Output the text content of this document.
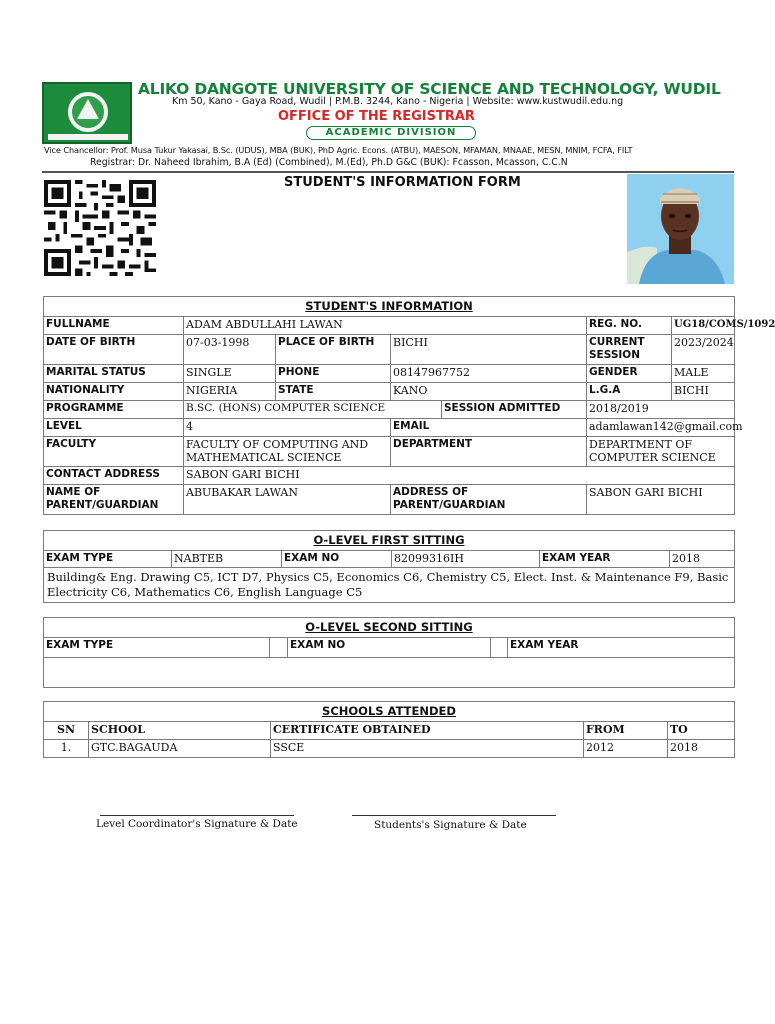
ALIKO DANGOTE UNIVERSITY OF SCIENCE AND TECHNOLOGY, WUDIL
Km 50, Kano - Gaya Road, Wudil | P.M.B. 3244, Kano - Nigeria | Website: www.kustwudil.edu.ng
OFFICE OF THE REGISTRAR
ACADEMIC DIVISION
Vice Chancellor: Prof. Musa Tukur Yakasai, B.Sc. (UDUS), MBA (BUK), PhD Agric. Econs. (ATBU), MAESON, MFAMAN, MNAAE, MESN, MNIM, FCFA, FILT
Registrar: Dr. Naheed Ibrahim, B.A (Ed) (Combined), M.(Ed), Ph.D G&C (BUK): Fcasson, Mcasson, C.C.N
STUDENT'S INFORMATION FORM
STUDENT'S INFORMATION						
FULLNAME	ADAM ABDULLAHI LAWAN				REG. NO.	UG18/COMS/1092
DATE OF BIRTH	07-03-1998	PLACE OF BIRTH	BICHI		CURRENT SESSION	2023/2024
MARITAL STATUS	SINGLE	PHONE	08147967752		GENDER	MALE
NATIONALITY	NIGERIA	STATE	KANO		L.G.A	BICHI
PROGRAMME	B.SC. (HONS) COMPUTER SCIENCE			SESSION ADMITTED	2018/2019	
LEVEL	4		EMAIL		adamlawan142@gmail.com	
FACULTY	FACULTY OF COMPUTING AND MATHEMATICAL SCIENCE		DEPARTMENT		DEPARTMENT OF COMPUTER SCIENCE	
CONTACT ADDRESS	SABON GARI BICHI					
NAME OF PARENT/GUARDIAN	ABUBAKAR LAWAN		ADDRESS OF PARENT/GUARDIAN		SABON GARI BICHI	
O-LEVEL FIRST SITTING
EXAM TYPE	NABTEB	EXAM NO	82099316IH	EXAM YEAR	2018
Building& Eng. Drawing C5, ICT D7, Physics C5, Economics C6, Chemistry C5, Elect. Inst. & Maintenance F9, Basic Electricity C6, Mathematics C6, English Language C5
O-LEVEL SECOND SITTING
EXAM TYPE		EXAM NO		EXAM YEAR

SCHOOLS ATTENDED				
SN	SCHOOL	CERTIFICATE OBTAINED	FROM	TO
1.	GTC.BAGAUDA	SSCE	2012	2018
Level Coordinator's Signature & Date	Students's Signature & Date
